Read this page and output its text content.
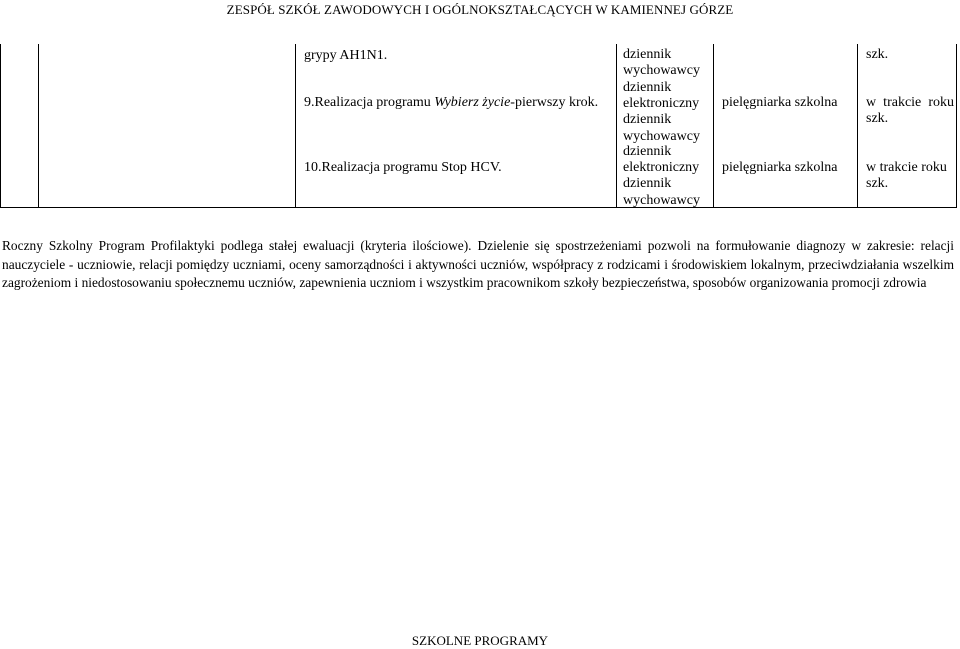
ZESPÓŁ SZKÓŁ ZAWODOWYCH I OGÓLNOKSZTAŁCĄCYCH W KAMIENNEJ GÓRZE
grypy AH1N1.	dziennik wychowawcy
szk.
9.Realizacja programu Wybierz życie-pierwszy krok.
dziennik elektroniczny dziennik wychowawcy
pielęgniarka szkolna w trakcie roku szk.
10.Realizacja programu Stop HCV.
dziennik elektroniczny dziennik wychowawcy
pielęgniarka szkolna w trakcie roku szk.

Roczny Szkolny Program Profilaktyki podlega stałej ewaluacji (kryteria ilościowe). Dzielenie się spostrzeżeniami pozwoli na formułowanie diagnozy w zakresie: relacji nauczyciele - uczniowie, relacji pomiędzy uczniami, oceny samorządności i aktywności uczniów, współpracy z rodzicami i środowiskiem lokalnym, przeciwdziałania wszelkim zagrożeniom i niedostosowaniu społecznemu uczniów, zapewnienia uczniom i wszystkim pracownikom szkoły bezpieczeństwa, sposobów organizowania promocji zdrowia

SZKOLNE PROGRAMY
